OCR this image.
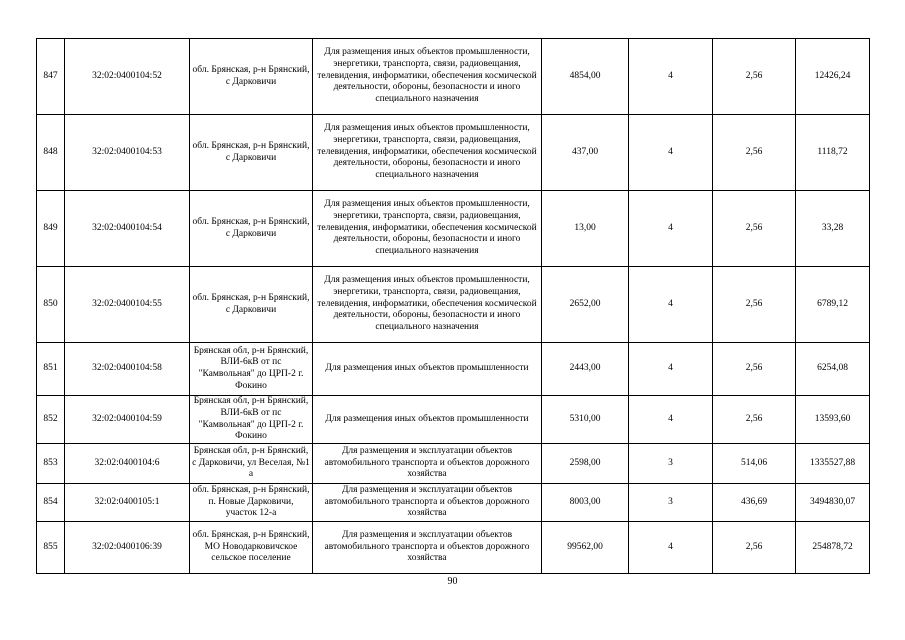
847	32:02:0400104:52	обл. Брянская, р-н Брянский, с Дарковичи	Для размещения иных объектов промышленности, энергетики, транспорта, связи, радиовещания, телевидения, информатики, обеспечения космической деятельности, обороны, безопасности и иного специального назначения	4854,00	4	2,56	12426,24
848	32:02:0400104:53	обл. Брянская, р-н Брянский, с Дарковичи	Для размещения иных объектов промышленности, энергетики, транспорта, связи, радиовещания, телевидения, информатики, обеспечения космической деятельности, обороны, безопасности и иного специального назначения	437,00	4	2,56	1118,72
849	32:02:0400104:54	обл. Брянская, р-н Брянский, с Дарковичи	Для размещения иных объектов промышленности, энергетики, транспорта, связи, радиовещания, телевидения, информатики, обеспечения космической деятельности, обороны, безопасности и иного специального назначения	13,00	4	2,56	33,28
850	32:02:0400104:55	обл. Брянская, р-н Брянский, с Дарковичи	Для размещения иных объектов промышленности, энергетики, транспорта, связи, радиовещания, телевидения, информатики, обеспечения космической деятельности, обороны, безопасности и иного специального назначения	2652,00	4	2,56	6789,12
851	32:02:0400104:58	Брянская обл, р-н Брянский, ВЛИ-6кВ от пс "Камвольная" до ЦРП-2 г. Фокино	Для размещения иных объектов промышленности	2443,00	4	2,56	6254,08
852	32:02:0400104:59	Брянская обл, р-н Брянский, ВЛИ-6кВ от пс "Камвольная" до ЦРП-2 г. Фокино	Для размещения иных объектов промышленности	5310,00	4	2,56	13593,60
853	32:02:0400104:6	Брянская обл, р-н Брянский, с Дарковичи, ул Веселая, №1 а	Для размещения и эксплуатации объектов автомобильного транспорта и объектов дорожного хозяйства	2598,00	3	514,06	1335527,88
854	32:02:0400105:1	обл. Брянская, р-н Брянский, п. Новые Дарковичи, участок 12-а	Для размещения и эксплуатации объектов автомобильного транспорта и объектов дорожного хозяйства	8003,00	3	436,69	3494830,07
855	32:02:0400106:39	обл. Брянская, р-н Брянский, МО Новодарковичское сельское поселение	Для размещения и эксплуатации объектов автомобильного транспорта и объектов дорожного хозяйства	99562,00	4	2,56	254878,72
90
